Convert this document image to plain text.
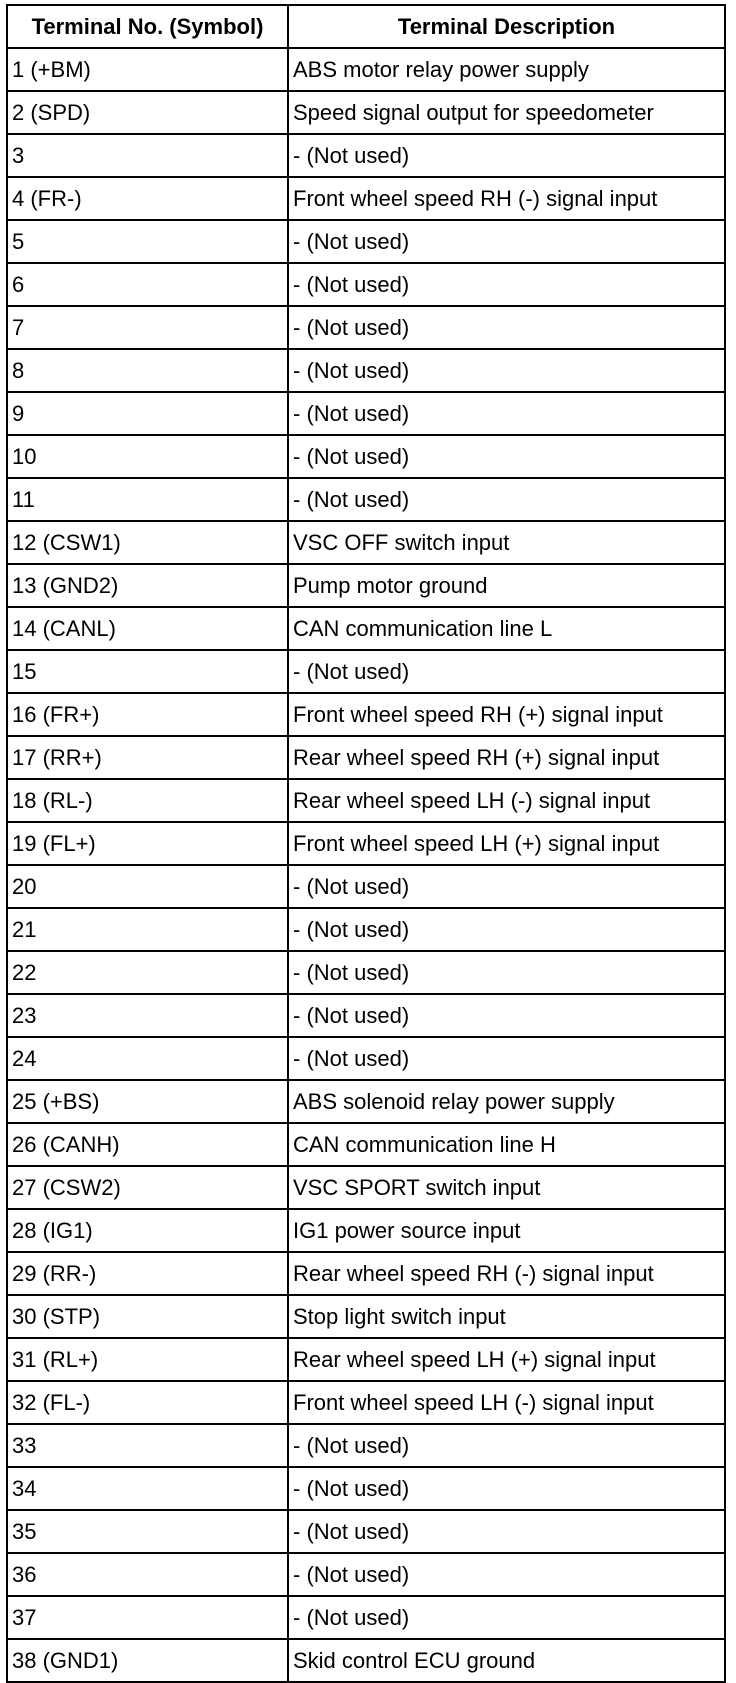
Terminal No. (Symbol)	Terminal Description
1 (+BM)	ABS motor relay power supply
2 (SPD)	Speed signal output for speedometer
3	- (Not used)
4 (FR-)	Front wheel speed RH (-) signal input
5	- (Not used)
6	- (Not used)
7	- (Not used)
8	- (Not used)
9	- (Not used)
10	- (Not used)
11	- (Not used)
12 (CSW1)	VSC OFF switch input
13 (GND2)	Pump motor ground
14 (CANL)	CAN communication line L
15	- (Not used)
16 (FR+)	Front wheel speed RH (+) signal input
17 (RR+)	Rear wheel speed RH (+) signal input
18 (RL-)	Rear wheel speed LH (-) signal input
19 (FL+)	Front wheel speed LH (+) signal input
20	- (Not used)
21	- (Not used)
22	- (Not used)
23	- (Not used)
24	- (Not used)
25 (+BS)	ABS solenoid relay power supply
26 (CANH)	CAN communication line H
27 (CSW2)	VSC SPORT switch input
28 (IG1)	IG1 power source input
29 (RR-)	Rear wheel speed RH (-) signal input
30 (STP)	Stop light switch input
31 (RL+)	Rear wheel speed LH (+) signal input
32 (FL-)	Front wheel speed LH (-) signal input
33	- (Not used)
34	- (Not used)
35	- (Not used)
36	- (Not used)
37	- (Not used)
38 (GND1)	Skid control ECU ground
